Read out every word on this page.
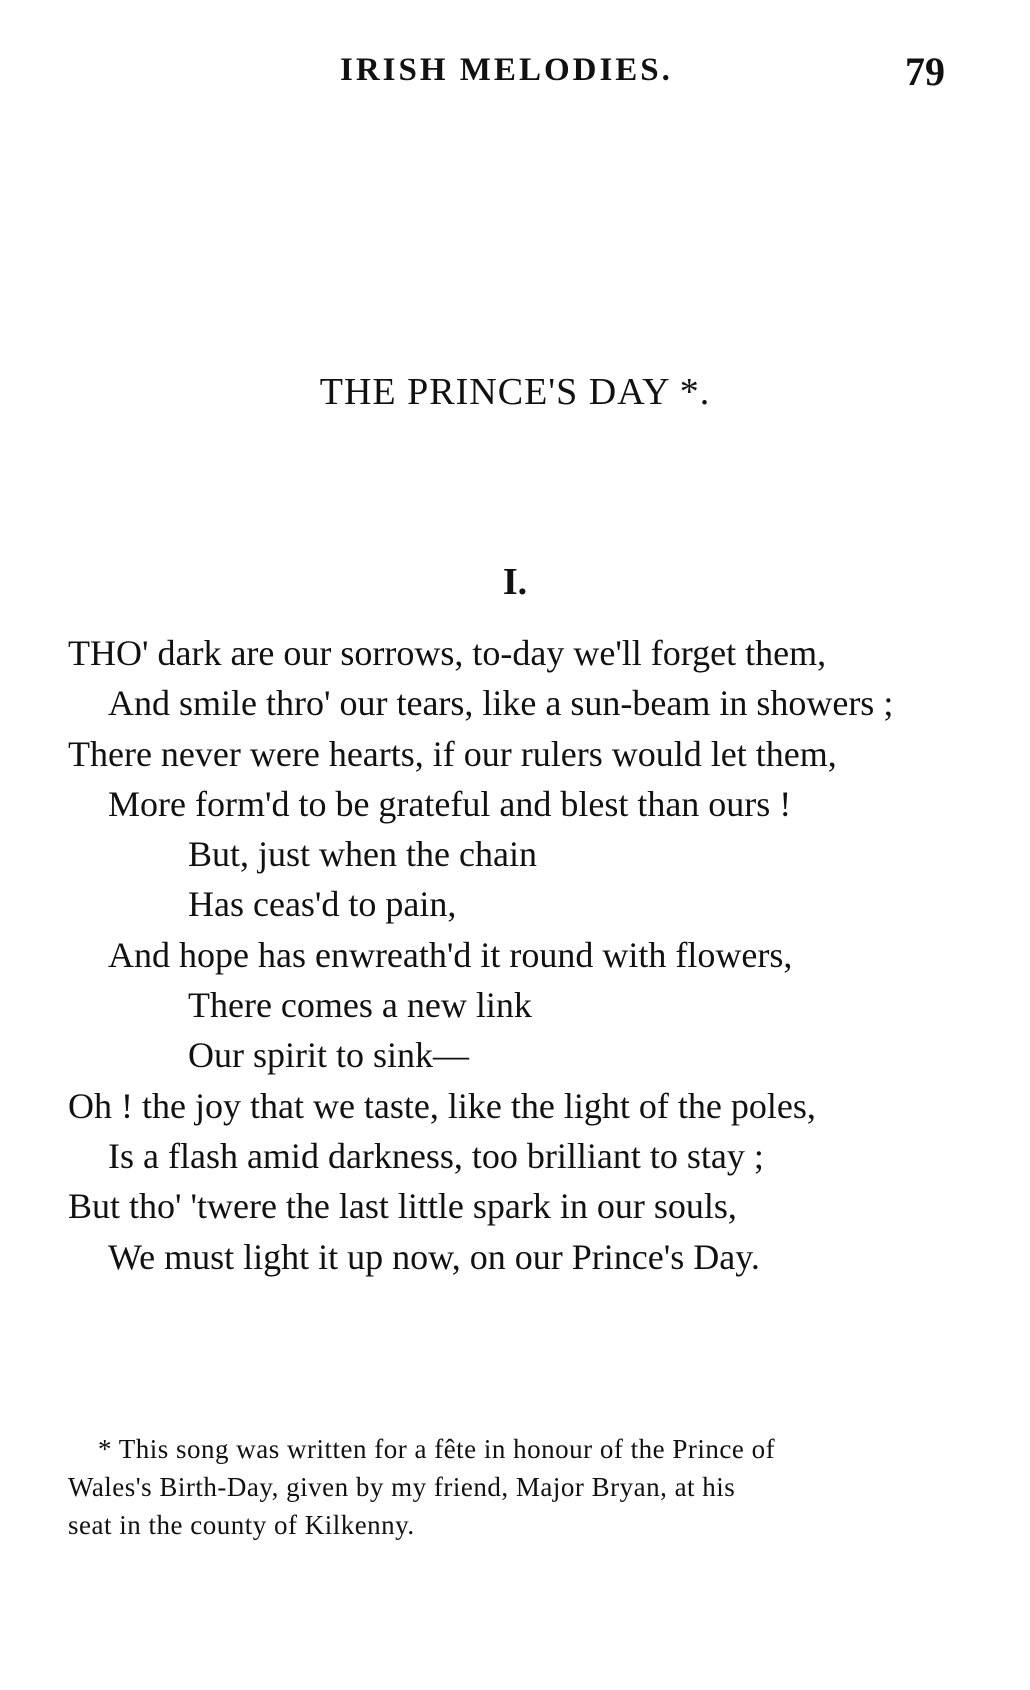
IRISH MELODIES.	79
THE PRINCE'S DAY *.
I.
THO' dark are our sorrows, to-day we'll forget them,
And smile thro' our tears, like a sun-beam in showers ;
There never were hearts, if our rulers would let them,
More form'd to be grateful and blest than ours !
But, just when the chain
Has ceas'd to pain,
And hope has enwreath'd it round with flowers,
There comes a new link
Our spirit to sink—
Oh ! the joy that we taste, like the light of the poles,
Is a flash amid darkness, too brilliant to stay ;
But tho' 'twere the last little spark in our souls,
We must light it up now, on our Prince's Day.
* This song was written for a fête in honour of the Prince of
Wales's Birth-Day, given by my friend, Major Bryan, at his
seat in the county of Kilkenny.
